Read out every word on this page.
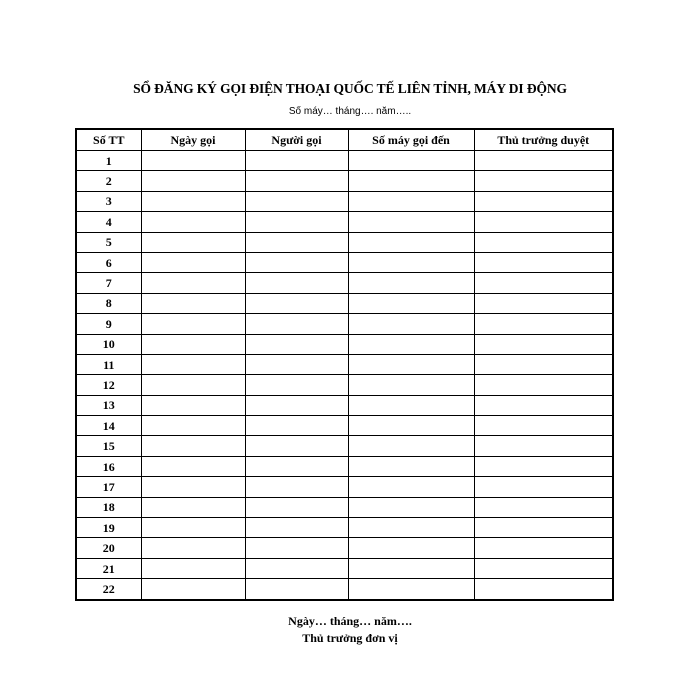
SỔ ĐĂNG KÝ GỌI ĐIỆN THOẠI QUỐC TẾ LIÊN TỈNH, MÁY DI ĐỘNG
Số máy… tháng…. năm…..
Số TT	Ngày gọi	Người gọi	Số máy gọi đến	Thủ trưởng duyệt
1				
2				
3				
4				
5				
6				
7				
8				
9				
10				
11				
12				
13				
14				
15				
16				
17				
18				
19				
20				
21				
22				
Ngày… tháng… năm….
Thủ trưởng đơn vị
